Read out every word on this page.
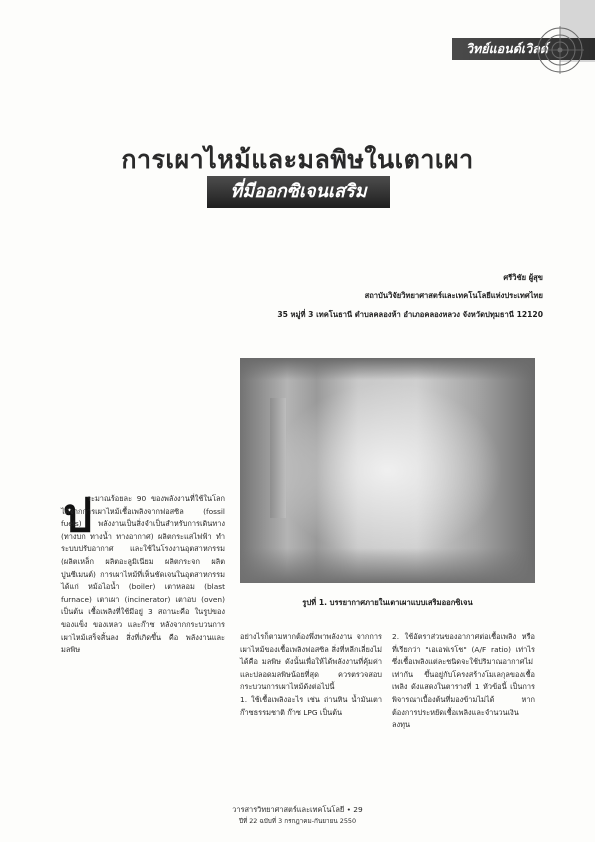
วิทย์แอนด์เวิลด์
การเผาไหม้และมลพิษในเตาเผา
ที่มีออกซิเจนเสริม
ศรีวิชัย ผู้สุข
สถาบันวิจัยวิทยาศาสตร์และเทคโนโลยีแห่งประเทศไทย
35 หมู่ที่ 3 เทคโนธานี ตำบลคลองห้า อำเภอคลองหลวง จังหวัดปทุมธานี 12120
รูปที่ 1. บรรยากาศภายในเตาเผาแบบเสริมออกซิเจน
ป

ระมาณร้อยละ 90 ของพลังงานที่ใช้ในโลกได้จากการเผาไหม้เชื้อเพลิงจากฟอสซิล (fossil fuels) พลังงานเป็นสิ่งจำเป็นสำหรับการเดินทาง (ทางบก ทางน้ำ ทางอากาศ) ผลิตกระแสไฟฟ้า ทำระบบปรับอากาศ และใช้ในโรงงานอุตสาหกรรม (ผลิตเหล็ก ผลิตอะลูมิเนียม ผลิตกระจก ผลิตปูนซีเมนต์) การเผาไหม้ที่เห็นชัดเจนในอุตสาหกรรมได้แก่ หม้อไอน้ำ (boiler) เตาหลอม (blast furnace) เตาเผา (incinerator) เตาอบ (oven) เป็นต้น เชื้อเพลิงที่ใช้มีอยู่ 3 สถานะคือ ในรูปของของแข็ง ของเหลว และก๊าซ หลังจากกระบวนการเผาไหม้เสร็จสิ้นลง สิ่งที่เกิดขึ้น คือ พลังงานและมลพิษ

อย่างไรก็ตามหากต้องพึ่งพาพลังงาน จากการเผาไหม้ของเชื้อเพลิงฟอสซิล สิ่งที่หลีกเลี่ยงไม่ได้คือ มลพิษ ดังนั้นเพื่อให้ได้พลังงานที่คุ้มค่า และปลอดมลพิษน้อยที่สุด ควรตรวจสอบกระบวนการเผาไหม้ดังต่อไปนี้
1. ใช้เชื้อเพลิงอะไร เช่น ถ่านหิน น้ำมันเตา ก๊าซธรรมชาติ ก๊าซ LPG เป็นต้น

2. ใช้อัตราส่วนของอากาศต่อเชื้อเพลิง หรือ ที่เรียกว่า "เอเอฟเรโช" (A/F ratio) เท่าไร ซึ่งเชื้อเพลิงแต่ละชนิดจะใช้ปริมาณอากาศไม่เท่ากัน ขึ้นอยู่กับโครงสร้างโมเลกุลของเชื้อเพลิง ดังแสดงในตารางที่ 1 หัวข้อนี้ เป็นการพิจารณาเบื้องต้นที่มองข้ามไม่ได้ หากต้องการประหยัดเชื้อเพลิงและจำนวนเงินลงทุน

วารสารวิทยาศาสตร์และเทคโนโลยี • 29

ปีที่ 22 ฉบับที่ 3 กรกฎาคม-กันยายน 2550
